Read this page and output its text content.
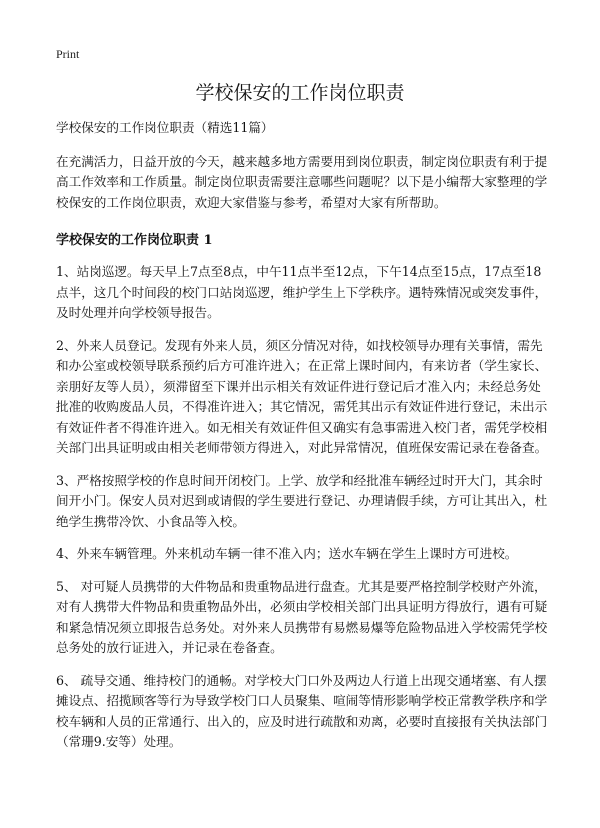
Print
学校保安的工作岗位职责

学校保安的工作岗位职责（精选11篇）

在充满活力，日益开放的今天，越来越多地方需要用到岗位职责，制定岗位职责有利于提高工作效率和工作质量。制定岗位职责需要注意哪些问题呢？以下是小编帮大家整理的学校保安的工作岗位职责，欢迎大家借鉴与参考，希望对大家有所帮助。

学校保安的工作岗位职责 1

1、站岗巡逻。每天早上7点至8点，中午11点半至12点，下午14点至15点，17点至18点半，这几个时间段的校门口站岗巡逻，维护学生上下学秩序。遇特殊情况或突发事件，及时处理并向学校领导报告。

2、外来人员登记。发现有外来人员，须区分情况对待，如找校领导办理有关事情，需先和办公室或校领导联系预约后方可准许进入；在正常上课时间内，有来访者（学生家长、亲朋好友等人员），须滞留至下课并出示相关有效证件进行登记后才准入内；未经总务处批准的收购废品人员，不得准许进入；其它情况，需凭其出示有效证件进行登记，未出示有效证件者不得准许进入。如无相关有效证件但又确实有急事需进入校门者，需凭学校相关部门出具证明或由相关老师带领方得进入，对此异常情况，值班保安需记录在卷备查。

3、严格按照学校的作息时间开闭校门。上学、放学和经批准车辆经过时开大门，其余时间开小门。保安人员对迟到或请假的学生要进行登记、办理请假手续，方可让其出入，杜绝学生携带冷饮、小食品等入校。

4、外来车辆管理。外来机动车辆一律不准入内；送水车辆在学生上课时方可进校。

5、 对可疑人员携带的大件物品和贵重物品进行盘查。尤其是要严格控制学校财产外流，对有人携带大件物品和贵重物品外出，必须由学校相关部门出具证明方得放行，遇有可疑和紧急情况须立即报告总务处。对外来人员携带有易燃易爆等危险物品进入学校需凭学校总务处的放行证进入，并记录在卷备查。

6、 疏导交通、维持校门的通畅。对学校大门口外及两边人行道上出现交通堵塞、有人摆摊设点、招揽顾客等行为导致学校门口人员聚集、喧闹等情形影响学校正常教学秩序和学校车辆和人员的正常通行、出入的，应及时进行疏散和劝离，必要时直接报有关执法部门（常珊9.安等）处理。
